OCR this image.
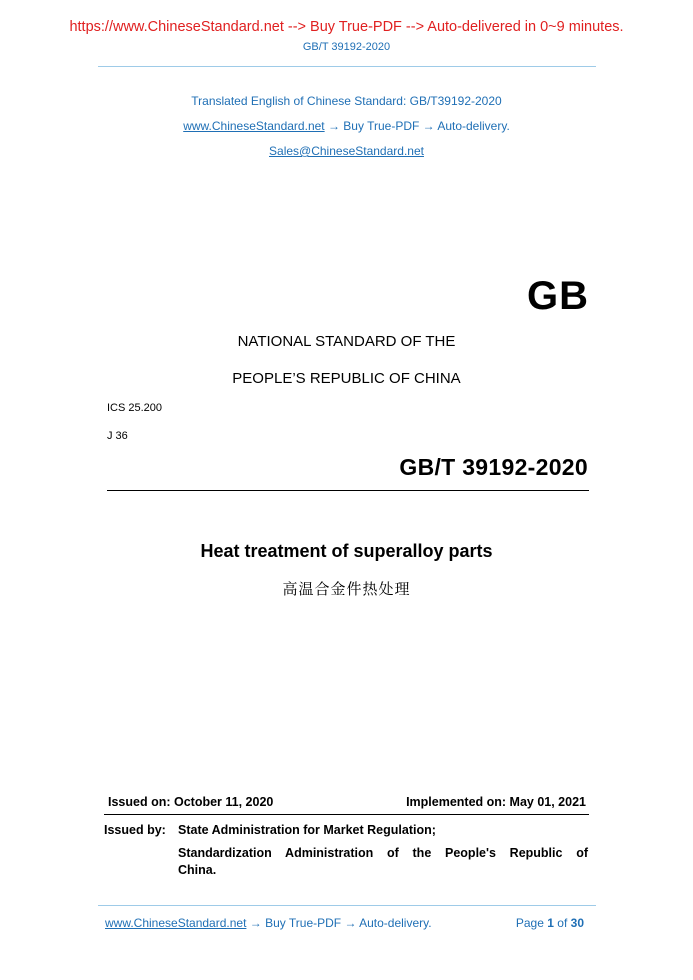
https://www.ChineseStandard.net --> Buy True-PDF --> Auto-delivered in 0~9 minutes.
GB/T 39192-2020
Translated English of Chinese Standard: GB/T39192-2020
www.ChineseStandard.net → Buy True-PDF → Auto-delivery.
Sales@ChineseStandard.net
GB
NATIONAL STANDARD OF THE
PEOPLE’S REPUBLIC OF CHINA
ICS 25.200
J 36
GB/T 39192-2020
Heat treatment of superalloy parts
高温合金件热处理
Issued on: October 11, 2020	Implemented on: May 01, 2021
Issued by: State Administration for Market Regulation;
Standardization Administration of the People's Republic of
China.
www.ChineseStandard.net → Buy True-PDF → Auto-delivery.	Page 1 of 30
